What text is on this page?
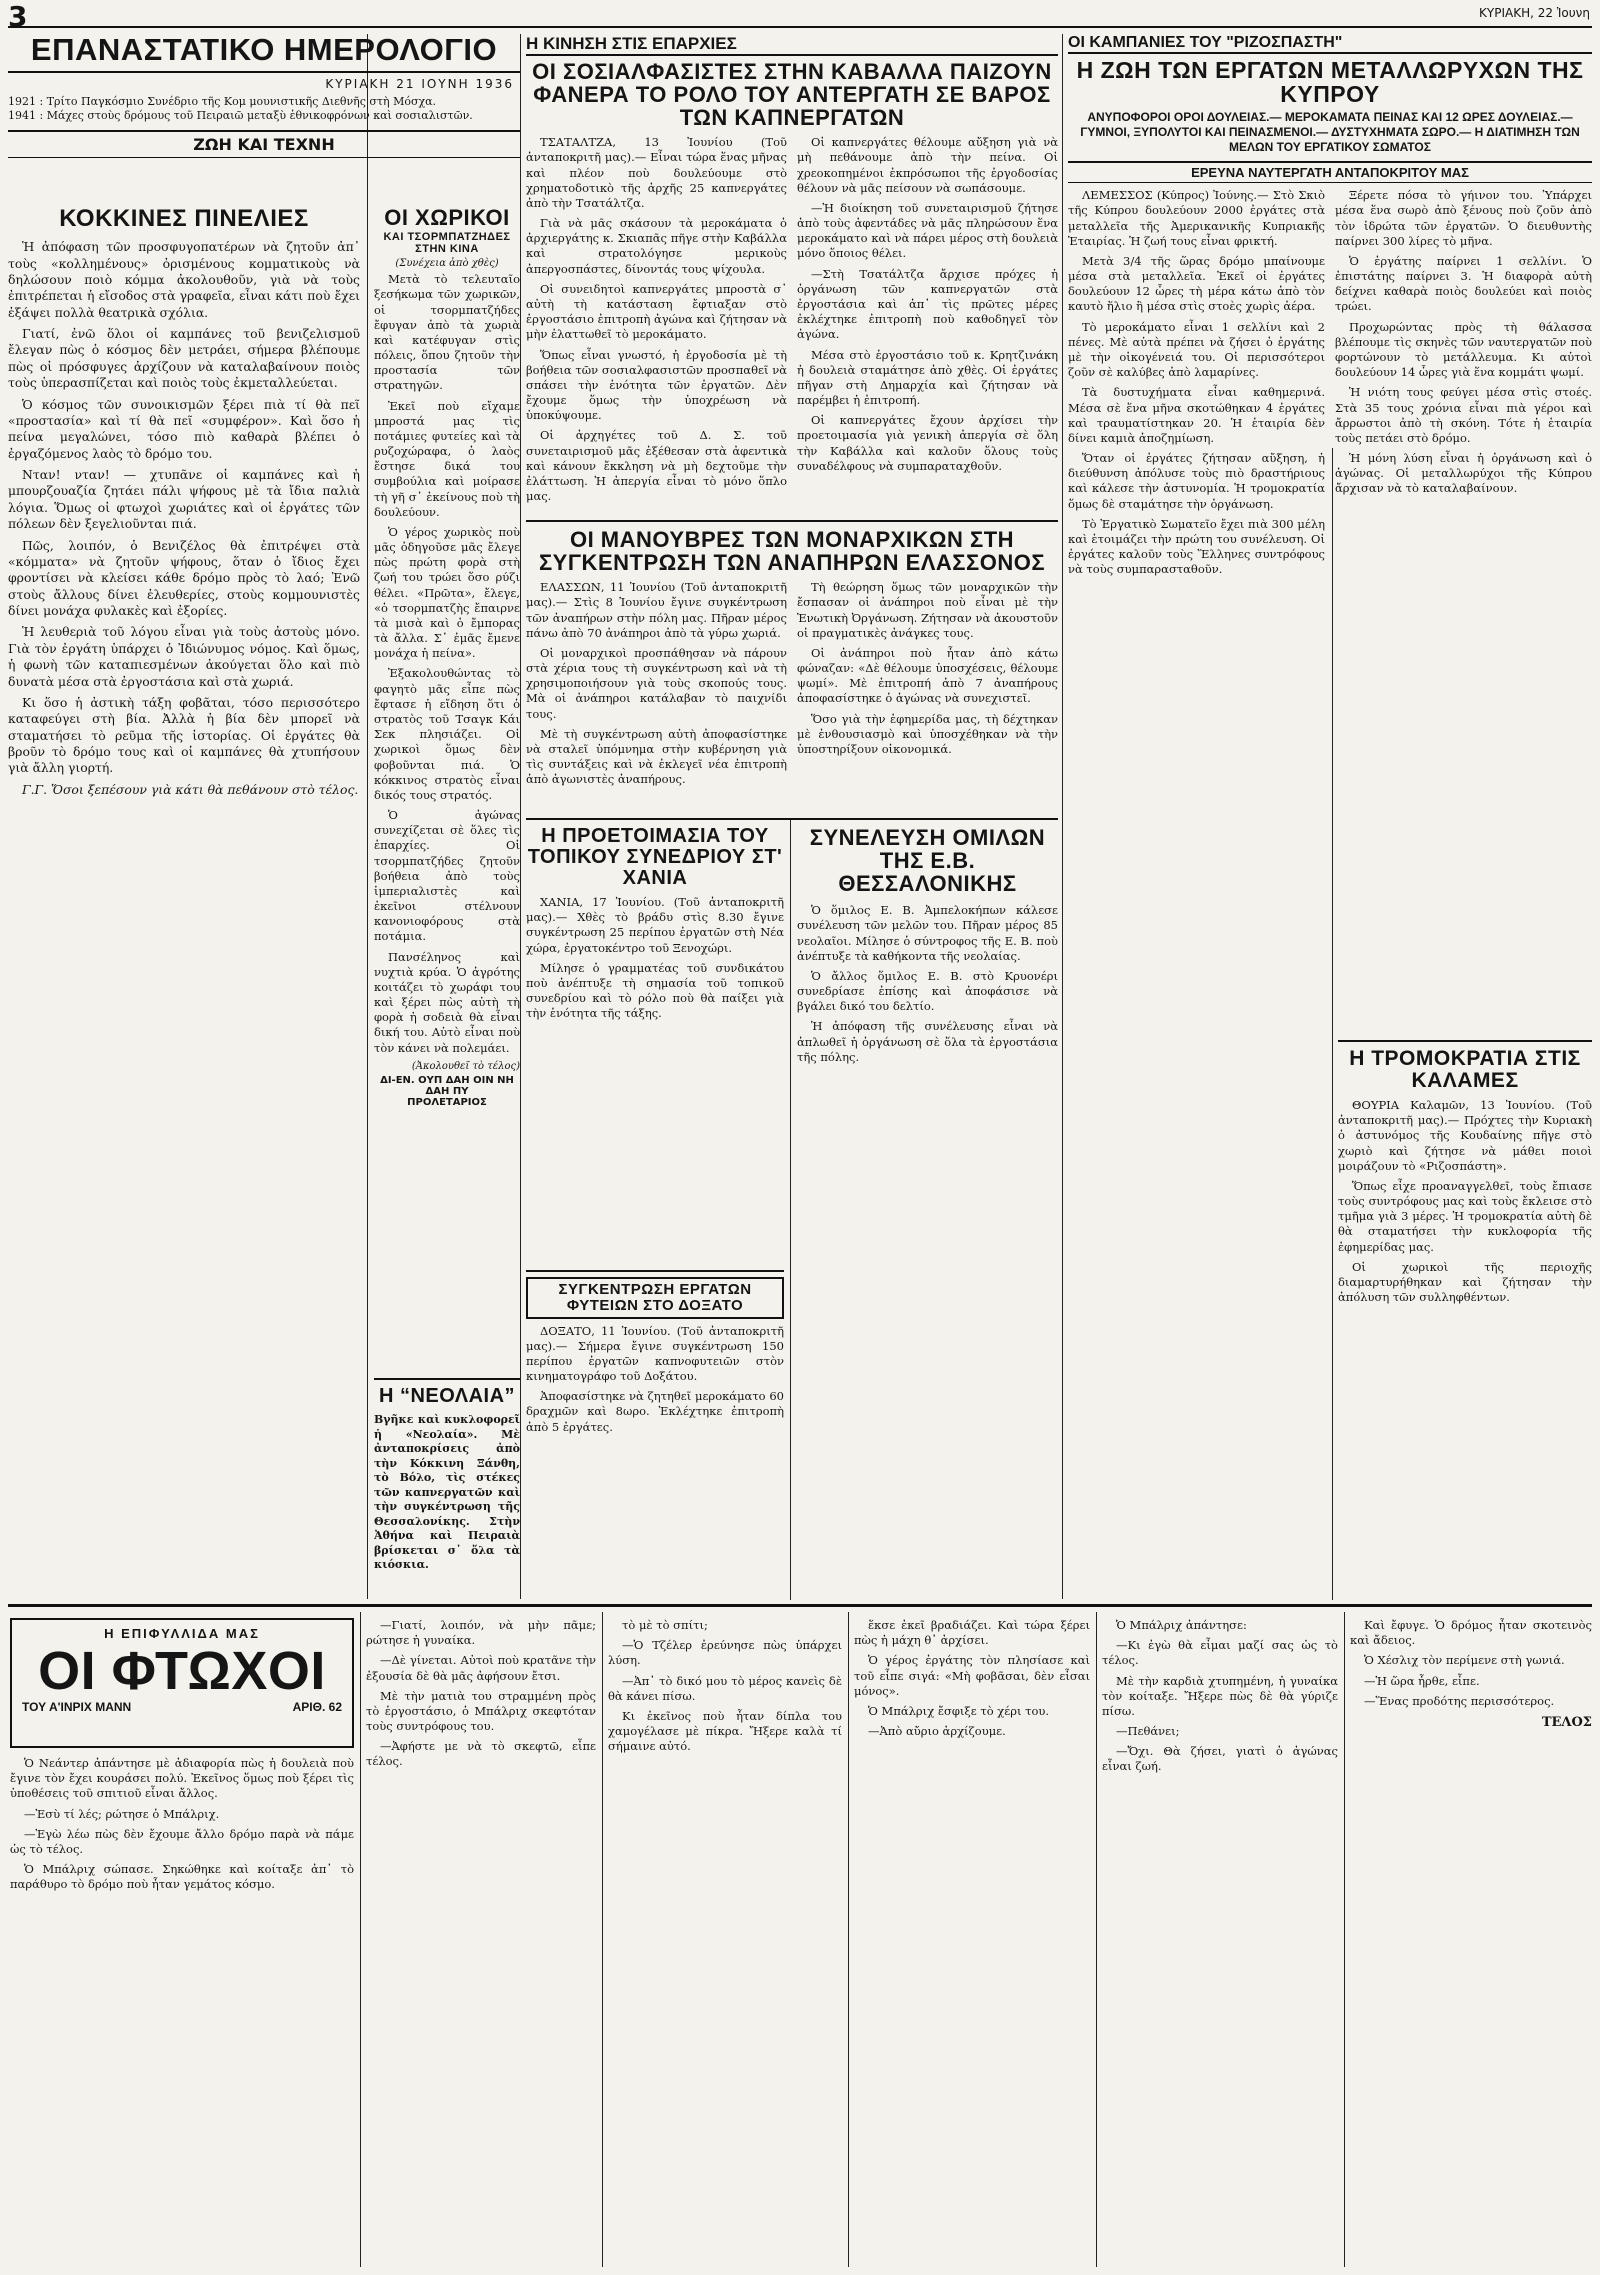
3	ΚΥΡΙΑΚΗ, 22 Ἰουνη
ΕΠΑΝΑΣΤΑΤΙΚΟ ΗΜΕΡΟΛΟΓΙΟ
ΚΥΡΙΑΚΗ 21 ΙΟΥΝΗ 1936
1921 : Τρίτο Παγκόσμιο Συνέδριο τῆς Κομ μουνιστικῆς Διεθνῆς στὴ Μόσχα.
1941 : Μάχες στοὺς δρόμους τοῦ Πειραιῶ μεταξὺ ἐθνικοφρόνων καὶ σοσιαλιστῶν.
ΖΩΗ ΚΑΙ ΤΕΧΝΗ
ΚΟΚΚΙΝΕΣ ΠΙΝΕΛΙΕΣ

Ἡ ἀπόφαση τῶν προσφυγοπατέρων νὰ ζητοῦν ἀπ᾿ τοὺς «κολλημένους» ὀρισμένους κομματικοὺς νὰ δηλώσουν ποιὸ κόμμα ἀκολουθοῦν, γιὰ νὰ τοὺς ἐπιτρέπεται ἡ εἴσοδος στὰ γραφεῖα, εἶναι κάτι ποὺ ἔχει ἐξάψει πολλὰ θεατρικὰ σχόλια.

Γιατί, ἐνῶ ὅλοι οἱ καμπάνες τοῦ βενιζελισμοῦ ἔλεγαν πὼς ὁ κόσμος δὲν μετράει, σήμερα βλέπουμε πὼς οἱ πρόσφυγες ἀρχίζουν νὰ καταλαβαίνουν ποιὸς τοὺς ὑπερασπίζεται καὶ ποιὸς τοὺς ἐκμεταλλεύεται.

Ὁ κόσμος τῶν συνοικισμῶν ξέρει πιὰ τί θὰ πεῖ «προστασία» καὶ τί θὰ πεῖ «συμφέρον». Καὶ ὅσο ἡ πείνα μεγαλώνει, τόσο πιὸ καθαρὰ βλέπει ὁ ἐργαζόμενος λαὸς τὸ δρόμο του.

Νταν! νταν! — χτυπᾶνε οἱ καμπάνες καὶ ἡ μπουρζουαζία ζητάει πάλι ψήφους μὲ τὰ ἴδια παλιὰ λόγια. Ὅμως οἱ φτωχοὶ χωριάτες καὶ οἱ ἐργάτες τῶν πόλεων δὲν ξεγελιοῦνται πιά.

Πῶς, λοιπόν, ὁ Βενιζέλος θὰ ἐπιτρέψει στὰ «κόμματα» νὰ ζητοῦν ψήφους, ὅταν ὁ ἴδιος ἔχει φροντίσει νὰ κλείσει κάθε δρόμο πρὸς τὸ λαό; Ἐνῶ στοὺς ἄλλους δίνει ἐλευθερίες, στοὺς κομμουνιστὲς δίνει μονάχα φυλακὲς καὶ ἐξορίες.

Ἡ λευθεριὰ τοῦ λόγου εἶναι γιὰ τοὺς ἀστοὺς μόνο. Γιὰ τὸν ἐργάτη ὑπάρχει ὁ Ἰδιώνυμος νόμος. Καὶ ὅμως, ἡ φωνὴ τῶν καταπιεσμένων ἀκούγεται ὅλο καὶ πιὸ δυνατὰ μέσα στὰ ἐργοστάσια καὶ στὰ χωριά.

Κι ὅσο ἡ ἀστικὴ τάξη φοβᾶται, τόσο περισσότερο καταφεύγει στὴ βία. Ἀλλὰ ἡ βία δὲν μπορεῖ νὰ σταματήσει τὸ ρεῦμα τῆς ἱστορίας. Οἱ ἐργάτες θὰ βροῦν τὸ δρόμο τους καὶ οἱ καμπάνες θὰ χτυπήσουν γιὰ ἄλλη γιορτή.

Γ.Γ. Ὅσοι ξεπέσουν γιὰ κάτι θὰ πεθάνουν στὸ τέλος.

ΟΙ ΧΩΡΙΚΟΙ
ΚΑΙ ΤΣΟΡΜΠΑΤΖΗΔΕΣ ΣΤΗΝ ΚΙΝΑ
(Συνέχεια ἀπὸ χθὲς)

Μετὰ τὸ τελευταῖο ξεσήκωμα τῶν χωρικῶν, οἱ τσορμπατζήδες ἔφυγαν ἀπὸ τὰ χωριὰ καὶ κατέφυγαν στὶς πόλεις, ὅπου ζητοῦν τὴν προστασία τῶν στρατηγῶν.

Ἐκεῖ ποὺ εἴχαμε μπροστά μας τὶς ποτάμιες φυτείες καὶ τὰ ρυζοχώραφα, ὁ λαὸς ἔστησε δικά του συμβούλια καὶ μοίρασε τὴ γῆ σ᾿ ἐκείνους ποὺ τὴ δουλεύουν.

Ὁ γέρος χωρικὸς ποὺ μᾶς ὁδηγοῦσε μᾶς ἔλεγε πὼς πρώτη φορὰ στὴ ζωή του τρώει ὅσο ρύζι θέλει. «Πρῶτα», ἔλεγε, «ὁ τσορμπατζὴς ἔπαιρνε τὰ μισὰ καὶ ὁ ἔμπορας τὰ ἄλλα. Σ᾿ ἐμᾶς ἔμενε μονάχα ἡ πείνα».

Ἐξακολουθώντας τὸ φαγητὸ μᾶς εἶπε πὼς ἔφτασε ἡ εἴδηση ὅτι ὁ στρατὸς τοῦ Τσαγκ Κάι Σεκ πλησιάζει. Οἱ χωρικοὶ ὅμως δὲν φοβοῦνται πιά. Ὁ κόκκινος στρατὸς εἶναι δικός τους στρατός.

Ὁ ἀγώνας συνεχίζεται σὲ ὅλες τὶς ἐπαρχίες. Οἱ τσορμπατζήδες ζητοῦν βοήθεια ἀπὸ τοὺς ἰμπεριαλιστὲς καὶ ἐκεῖνοι στέλνουν κανονιοφόρους στὰ ποτάμια.

Πανσέληνος καὶ νυχτιὰ κρύα. Ὁ ἀγρότης κοιτάζει τὸ χωράφι του καὶ ξέρει πὼς αὐτὴ τὴ φορὰ ἡ σοδειὰ θὰ εἶναι δική του. Αὐτὸ εἶναι ποὺ τὸν κάνει νὰ πολεμάει.

(Ἀκολουθεῖ τὸ τέλος)
ΔΙ-ΕΝ. ΟΥΠ ΔΑΗ ΟΙΝ ΝΗ ΔΑΗ ΠΥ
ΠΡΟΛΕΤΑΡΙΟΣ
Η “ΝΕΟΛΑΙΑ”

Βγῆκε καὶ κυκλοφορεῖ ἡ «Νεολαία». Μὲ ἀνταποκρίσεις ἀπὸ τὴν Κόκκινη Ξάνθη, τὸ Βόλο, τὶς στέκες τῶν καπνεργατῶν καὶ τὴν συγκέντρωση τῆς Θεσσαλονίκης. Στὴν Ἀθήνα καὶ Πειραιὰ βρίσκεται σ᾿ ὅλα τὰ κιόσκια.

Η ΚΙΝΗΣΗ ΣΤΙΣ ΕΠΑΡΧΙΕΣ
ΟΙ ΣΟΣΙΑΛΦΑΣΙΣΤΕΣ ΣΤΗΝ ΚΑΒΑΛΛΑ ΠΑΙΖΟΥΝ ΦΑΝΕΡΑ ΤΟ ΡΟΛΟ ΤΟΥ ΑΝΤΕΡΓΑΤΗ ΣΕ ΒΑΡΟΣ ΤΩΝ ΚΑΠΝΕΡΓΑΤΩΝ

ΤΣΑΤΑΛΤΖΑ, 13 Ἰουνίου (Τοῦ ἀνταποκριτῆ μας).— Εἶναι τώρα ἕνας μῆνας καὶ πλέον ποὺ δουλεύουμε στὸ χρηματοδοτικὸ τῆς ἀρχῆς 25 καπνεργάτες ἀπὸ τὴν Τσατάλτζα.

Γιὰ νὰ μᾶς σκάσουν τὰ μεροκάματα ὁ ἀρχιεργάτης κ. Σκιαπᾶς πῆγε στὴν Καβάλλα καὶ στρατολόγησε μερικοὺς ἀπεργοσπάστες, δίνοντάς τους ψίχουλα.

Οἱ συνειδητοὶ καπνεργάτες μπροστὰ σ᾿ αὐτὴ τὴ κατάσταση ἔφτιαξαν στὸ ἐργοστάσιο ἐπιτροπὴ ἀγώνα καὶ ζήτησαν νὰ μὴν ἐλαττωθεῖ τὸ μεροκάματο.

Ὅπως εἶναι γνωστό, ἡ ἐργοδοσία μὲ τὴ βοήθεια τῶν σοσιαλφασιστῶν προσπαθεῖ νὰ σπάσει τὴν ἑνότητα τῶν ἐργατῶν. Δὲν ἔχουμε ὅμως τὴν ὑποχρέωση νὰ ὑποκύψουμε.

Οἱ ἀρχηγέτες τοῦ Δ. Σ. τοῦ συνεταιρισμοῦ μᾶς ἐξέθεσαν στὰ ἀφεντικὰ καὶ κάνουν ἔκκληση νὰ μὴ δεχτοῦμε τὴν ἐλάττωση. Ἡ ἀπεργία εἶναι τὸ μόνο ὅπλο μας.

Οἱ καπνεργάτες θέλουμε αὔξηση γιὰ νὰ μὴ πεθάνουμε ἀπὸ τὴν πείνα. Οἱ χρεοκοπημένοι ἐκπρόσωποι τῆς ἐργοδοσίας θέλουν νὰ μᾶς πείσουν νὰ σωπάσουμε.

—Ἡ διοίκηση τοῦ συνεταιρισμοῦ ζήτησε ἀπὸ τοὺς ἀφεντάδες νὰ μᾶς πληρώσουν ἕνα μεροκάματο καὶ νὰ πάρει μέρος στὴ δουλειὰ μόνο ὅποιος θέλει.

—Στὴ Τσατάλτζα ἄρχισε πρόχες ἡ ὀργάνωση τῶν καπνεργατῶν στὰ ἐργοστάσια καὶ ἀπ᾿ τὶς πρῶτες μέρες ἐκλέχτηκε ἐπιτροπὴ ποὺ καθοδηγεῖ τὸν ἀγώνα.

Μέσα στὸ ἐργοστάσιο τοῦ κ. Κρητζινάκη ἡ δουλειὰ σταμάτησε ἀπὸ χθὲς. Οἱ ἐργάτες πῆγαν στὴ Δημαρχία καὶ ζήτησαν νὰ παρέμβει ἡ ἐπιτροπή.

Οἱ καπνεργάτες ἔχουν ἀρχίσει τὴν προετοιμασία γιὰ γενικὴ ἀπεργία σὲ ὅλη τὴν Καβάλλα καὶ καλοῦν ὅλους τοὺς συναδέλφους νὰ συμπαραταχθοῦν.

ΟΙ ΜΑΝΟΥΒΡΕΣ ΤΩΝ ΜΟΝΑΡΧΙΚΩΝ ΣΤΗ ΣΥΓΚΕΝΤΡΩΣΗ ΤΩΝ ΑΝΑΠΗΡΩΝ ΕΛΑΣΣΟΝΟΣ

ΕΛΑΣΣΩΝ, 11 Ἰουνίου (Τοῦ ἀνταποκριτῆ μας).— Στὶς 8 Ἰουνίου ἔγινε συγκέντρωση τῶν ἀναπήρων στὴν πόλη μας. Πῆραν μέρος πάνω ἀπὸ 70 ἀνάπηροι ἀπὸ τὰ γύρω χωριά.

Οἱ μοναρχικοὶ προσπάθησαν νὰ πάρουν στὰ χέρια τους τὴ συγκέντρωση καὶ νὰ τὴ χρησιμοποιήσουν γιὰ τοὺς σκοπούς τους. Μὰ οἱ ἀνάπηροι κατάλαβαν τὸ παιχνίδι τους.

Μὲ τὴ συγκέντρωση αὐτὴ ἀποφασίστηκε νὰ σταλεῖ ὑπόμνημα στὴν κυβέρνηση γιὰ τὶς συντάξεις καὶ νὰ ἐκλεγεῖ νέα ἐπιτροπὴ ἀπὸ ἀγωνιστὲς ἀναπήρους.

Τὴ θεώρηση ὅμως τῶν μοναρχικῶν τὴν ἔσπασαν οἱ ἀνάπηροι ποὺ εἶναι μὲ τὴν Ἑνωτικὴ Ὀργάνωση. Ζήτησαν νὰ ἀκουστοῦν οἱ πραγματικὲς ἀνάγκες τους.

Οἱ ἀνάπηροι ποὺ ἦταν ἀπὸ κάτω φώναζαν: «Δὲ θέλουμε ὑποσχέσεις, θέλουμε ψωμί». Μὲ ἐπιτροπή ἀπὸ 7 ἀναπήρους ἀποφασίστηκε ὁ ἀγώνας νὰ συνεχιστεῖ.

Ὅσο γιὰ τὴν ἐφημερίδα μας, τὴ δέχτηκαν μὲ ἐνθουσιασμὸ καὶ ὑποσχέθηκαν νὰ τὴν ὑποστηρίξουν οἰκονομικά.

Η ΠΡΟΕΤΟΙΜΑΣΙΑ ΤΟΥ ΤΟΠΙΚΟΥ ΣΥΝΕΔΡΙΟΥ ΣΤ' ΧΑΝΙΑ

ΧΑΝΙΑ, 17 Ἰουνίου. (Τοῦ ἀνταποκριτῆ μας).— Χθὲς τὸ βράδυ στὶς 8.30 ἔγινε συγκέντρωση 25 περίπου ἐργατῶν στὴ Νέα χώρα, ἐργατοκέντρο τοῦ Ξενοχώρι.

Μίλησε ὁ γραμματέας τοῦ συνδικάτου ποὺ ἀνέπτυξε τὴ σημασία τοῦ τοπικοῦ συνεδρίου καὶ τὸ ρόλο ποὺ θὰ παίξει γιὰ τὴν ἑνότητα τῆς τάξης.

ΣΥΓΚΕΝΤΡΩΣΗ ΕΡΓΑΤΩΝ ΦΥΤΕΙΩΝ ΣΤΟ ΔΟΞΑΤΟ

ΔΟΞΑΤΟ, 11 Ἰουνίου. (Τοῦ ἀνταποκριτῆ μας).— Σήμερα ἔγινε συγκέντρωση 150 περίπου ἐργατῶν καπνοφυτειῶν στὸν κινηματογράφο τοῦ Δοξάτου.

Ἀποφασίστηκε νὰ ζητηθεῖ μεροκάματο 60 δραχμῶν καὶ 8ωρο. Ἐκλέχτηκε ἐπιτροπὴ ἀπὸ 5 ἐργάτες.

ΣΥΝΕΛΕΥΣΗ ΟΜΙΛΩΝ ΤΗΣ Ε.Β. ΘΕΣΣΑΛΟΝΙΚΗΣ

Ὁ ὅμιλος Ε. Β. Ἀμπελοκήπων κάλεσε συνέλευση τῶν μελῶν του. Πῆραν μέρος 85 νεολαῖοι. Μίλησε ὁ σύντροφος τῆς Ε. Β. ποὺ ἀνέπτυξε τὰ καθήκοντα τῆς νεολαίας.

Ὁ ἄλλος ὅμιλος Ε. Β. στὸ Κρυονέρι συνεδρίασε ἐπίσης καὶ ἀποφάσισε νὰ βγάλει δικό του δελτίο.

Ἡ ἀπόφαση τῆς συνέλευσης εἶναι νὰ ἀπλωθεῖ ἡ ὀργάνωση σὲ ὅλα τὰ ἐργοστάσια τῆς πόλης.

ΟΙ ΚΑΜΠΑΝΙΕΣ ΤΟΥ "ΡΙΖΟΣΠΑΣΤΗ"
Η ΖΩΗ ΤΩΝ ΕΡΓΑΤΩΝ ΜΕΤΑΛΛΩΡΥΧΩΝ ΤΗΣ ΚΥΠΡΟΥ
ΑΝΥΠΟΦΟΡΟΙ ΟΡΟΙ ΔΟΥΛΕΙΑΣ.— ΜΕΡΟΚΑΜΑΤΑ ΠΕΙΝΑΣ ΚΑΙ 12 ΩΡΕΣ ΔΟΥΛΕΙΑΣ.— ΓΥΜΝΟΙ, ΞΥΠΟΛΥΤΟΙ ΚΑΙ ΠΕΙΝΑΣΜΕΝΟΙ.— ΔΥΣΤΥΧΗΜΑΤΑ ΣΩΡΟ.— Η ΔΙΑΤΙΜΗΣΗ ΤΩΝ ΜΕΛΩΝ ΤΟΥ ΕΡΓΑΤΙΚΟΥ ΣΩΜΑΤΟΣ
ΕΡΕΥΝΑ ΝΑΥΤΕΡΓΑΤΗ ΑΝΤΑΠΟΚΡΙΤΟΥ ΜΑΣ

ΛΕΜΕΣΣΟΣ (Κύπρος) Ἰούνης.— Στὸ Σκιὸ τῆς Κύπρου δουλεύουν 2000 ἐργάτες στὰ μεταλλεῖα τῆς Ἀμερικανικῆς Κυπριακῆς Ἑταιρίας. Ἡ ζωή τους εἶναι φρικτή.

Μετὰ 3/4 τῆς ὥρας δρόμο μπαίνουμε μέσα στὰ μεταλλεῖα. Ἐκεῖ οἱ ἐργάτες δουλεύουν 12 ὧρες τὴ μέρα κάτω ἀπὸ τὸν καυτὸ ἥλιο ἢ μέσα στὶς στοὲς χωρὶς ἀέρα.

Τὸ μεροκάματο εἶναι 1 σελλίνι καὶ 2 πένες. Μὲ αὐτὰ πρέπει νὰ ζήσει ὁ ἐργάτης μὲ τὴν οἰκογένειά του. Οἱ περισσότεροι ζοῦν σὲ καλύβες ἀπὸ λαμαρίνες.

Τὰ δυστυχήματα εἶναι καθημερινά. Μέσα σὲ ἕνα μῆνα σκοτώθηκαν 4 ἐργάτες καὶ τραυματίστηκαν 20. Ἡ ἑταιρία δὲν δίνει καμιὰ ἀποζημίωση.

Ὅταν οἱ ἐργάτες ζήτησαν αὔξηση, ἡ διεύθυνση ἀπόλυσε τοὺς πιὸ δραστήριους καὶ κάλεσε τὴν ἀστυνομία. Ἡ τρομοκρατία ὅμως δὲ σταμάτησε τὴν ὀργάνωση.

Τὸ Ἐργατικὸ Σωματεῖο ἔχει πιὰ 300 μέλη καὶ ἑτοιμάζει τὴν πρώτη του συνέλευση. Οἱ ἐργάτες καλοῦν τοὺς Ἕλληνες συντρόφους νὰ τοὺς συμπαρασταθοῦν.

Ξέρετε πόσα τὸ γήινον του. Ὑπάρχει μέσα ἕνα σωρὸ ἀπὸ ξένους ποὺ ζοῦν ἀπὸ τὸν ἱδρώτα τῶν ἐργατῶν. Ὁ διευθυντὴς παίρνει 300 λίρες τὸ μῆνα.

Ὁ ἐργάτης παίρνει 1 σελλίνι. Ὁ ἐπιστάτης παίρνει 3. Ἡ διαφορὰ αὐτὴ δείχνει καθαρὰ ποιὸς δουλεύει καὶ ποιὸς τρώει.

Προχωρώντας πρὸς τὴ θάλασσα βλέπουμε τὶς σκηνὲς τῶν ναυτεργατῶν ποὺ φορτώνουν τὸ μετάλλευμα. Κι αὐτοὶ δουλεύουν 14 ὧρες γιὰ ἕνα κομμάτι ψωμί.

Ἡ νιότη τους φεύγει μέσα στὶς στοές. Στὰ 35 τους χρόνια εἶναι πιὰ γέροι καὶ ἄρρωστοι ἀπὸ τὴ σκόνη. Τότε ἡ ἑταιρία τοὺς πετάει στὸ δρόμο.

Ἡ μόνη λύση εἶναι ἡ ὀργάνωση καὶ ὁ ἀγώνας. Οἱ μεταλλωρύχοι τῆς Κύπρου ἄρχισαν νὰ τὸ καταλαβαίνουν.

Η ΤΡΟΜΟΚΡΑΤΙΑ ΣΤΙΣ ΚΑΛΑΜΕΣ

ΘΟΥΡΙΑ Καλαμῶν, 13 Ἰουνίου. (Τοῦ ἀνταποκριτῆ μας).— Πρόχτες τὴν Κυριακὴ ὁ ἀστυνόμος τῆς Κουδαίνης πῆγε στὸ χωριὸ καὶ ζήτησε νὰ μάθει ποιοὶ μοιράζουν τὸ «Ριζοσπάστη».

Ὅπως εἶχε προαναγγελθεῖ, τοὺς ἔπιασε τοὺς συντρόφους μας καὶ τοὺς ἔκλεισε στὸ τμῆμα γιὰ 3 μέρες. Ἡ τρομοκρατία αὐτὴ δὲ θὰ σταματήσει τὴν κυκλοφορία τῆς ἐφημερίδας μας.

Οἱ χωρικοὶ τῆς περιοχῆς διαμαρτυρήθηκαν καὶ ζήτησαν τὴν ἀπόλυση τῶν συλληφθέντων.

Η ΕΠΙΦΥΛΛΙΔΑ ΜΑΣ
ΟΙ ΦΤΩΧΟΙ
ΤΟΥ Α'ΙΝΡΙΧ ΜΑΝΝ	ΑΡΙΘ. 62

Ὁ Νεάντερ ἀπάντησε μὲ ἀδιαφορία πὼς ἡ δουλειὰ ποὺ ἔγινε τὸν ἔχει κουράσει πολύ. Ἐκεῖνος ὅμως ποὺ ξέρει τὶς ὑποθέσεις τοῦ σπιτιοῦ εἶναι ἄλλος.

—Ἐσὺ τί λές; ρώτησε ὁ Μπάλριχ.

—Ἐγὼ λέω πὼς δὲν ἔχουμε ἄλλο δρόμο παρὰ νὰ πάμε ὡς τὸ τέλος.

Ὁ Μπάλριχ σώπασε. Σηκώθηκε καὶ κοίταξε ἀπ᾿ τὸ παράθυρο τὸ δρόμο ποὺ ἦταν γεμάτος κόσμο.

—Γιατί, λοιπόν, νὰ μὴν πᾶμε; ρώτησε ἡ γυναίκα.

—Δὲ γίνεται. Αὐτοὶ ποὺ κρατᾶνε τὴν ἐξουσία δὲ θὰ μᾶς ἀφήσουν ἔτσι.

Μὲ τὴν ματιὰ του στραμμένη πρὸς τὸ ἐργοστάσιο, ὁ Μπάλριχ σκεφτόταν τοὺς συντρόφους του.

—Ἀφήστε με νὰ τὸ σκεφτῶ, εἶπε τέλος.

τὸ μὲ τὸ σπίτι;

—Ὁ Τζέλερ ἐρεύνησε πὼς ὑπάρχει λύση.

—Ἀπ᾿ τὸ δικό μου τὸ μέρος κανεὶς δὲ θὰ κάνει πίσω.

Κι ἐκεῖνος ποὺ ἦταν δίπλα του χαμογέλασε μὲ πίκρα. Ἤξερε καλὰ τί σήμαινε αὐτό.

ἕκσε ἐκεῖ βραδιάζει. Καὶ τώρα ξέρει πὼς ἡ μάχη θ᾿ ἀρχίσει.

Ὁ γέρος ἐργάτης τὸν πλησίασε καὶ τοῦ εἶπε σιγά: «Μὴ φοβᾶσαι, δὲν εἶσαι μόνος».

Ὁ Μπάλριχ ἔσφιξε τὸ χέρι του.

—Ἀπὸ αὔριο ἀρχίζουμε.

Ὁ Μπάλριχ ἀπάντησε:

—Κι ἐγὼ θὰ εἶμαι μαζί σας ὡς τὸ τέλος.

Μὲ τὴν καρδιὰ χτυπημένη, ἡ γυναίκα τὸν κοίταξε. Ἤξερε πὼς δὲ θὰ γύριζε πίσω.

—Πεθάνει;

—Ὄχι. Θὰ ζήσει, γιατὶ ὁ ἀγώνας εἶναι ζωή.

Καὶ ἔφυγε. Ὁ δρόμος ἦταν σκοτεινὸς καὶ ἄδειος.

Ὁ Χέσλιχ τὸν περίμενε στὴ γωνιά.

—Ἡ ὥρα ἦρθε, εἶπε.

—Ἕνας προδότης περισσότερος.

ΤΕΛΟΣ
